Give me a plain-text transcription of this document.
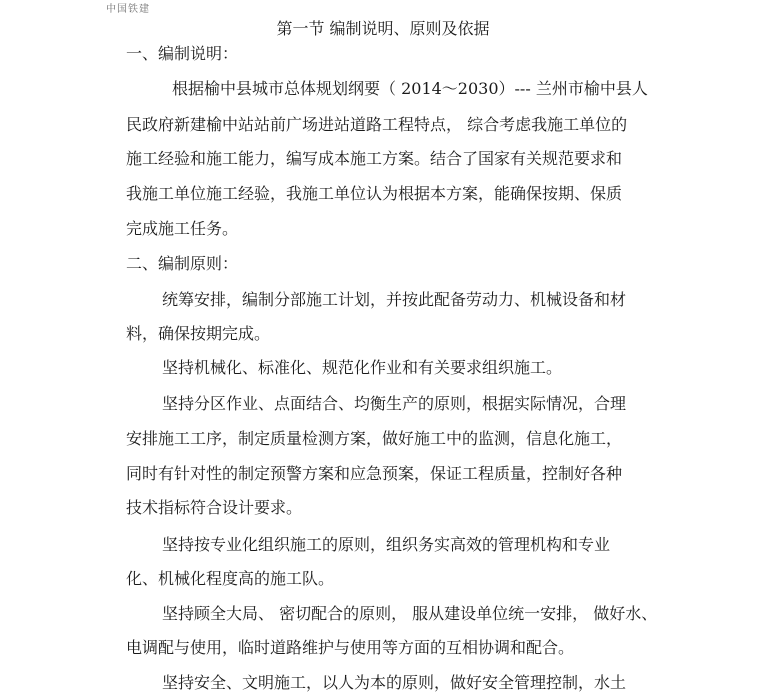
中国铁建
第一节 编制说明、原则及依据
一、编制说明：
根据榆中县城市总体规划纲要（ 2014～2030）--- 兰州市榆中县人
民政府新建榆中站站前广场进站道路工程特点， 综合考虑我施工单位的
施工经验和施工能力，编写成本施工方案。结合了国家有关规范要求和
我施工单位施工经验，我施工单位认为根据本方案，能确保按期、保质
完成施工任务。
二、编制原则：
统筹安排，编制分部施工计划，并按此配备劳动力、机械设备和材
料，确保按期完成。
坚持机械化、标准化、规范化作业和有关要求组织施工。
坚持分区作业、点面结合、均衡生产的原则，根据实际情况，合理
安排施工工序，制定质量检测方案，做好施工中的监测，信息化施工，
同时有针对性的制定预警方案和应急预案，保证工程质量，控制好各种
技术指标符合设计要求。
坚持按专业化组织施工的原则，组织务实高效的管理机构和专业
化、机械化程度高的施工队。
坚持顾全大局、 密切配合的原则， 服从建设单位统一安排， 做好水、
电调配与使用，临时道路维护与使用等方面的互相协调和配合。
坚持安全、文明施工，以人为本的原则，做好安全管理控制，水土
